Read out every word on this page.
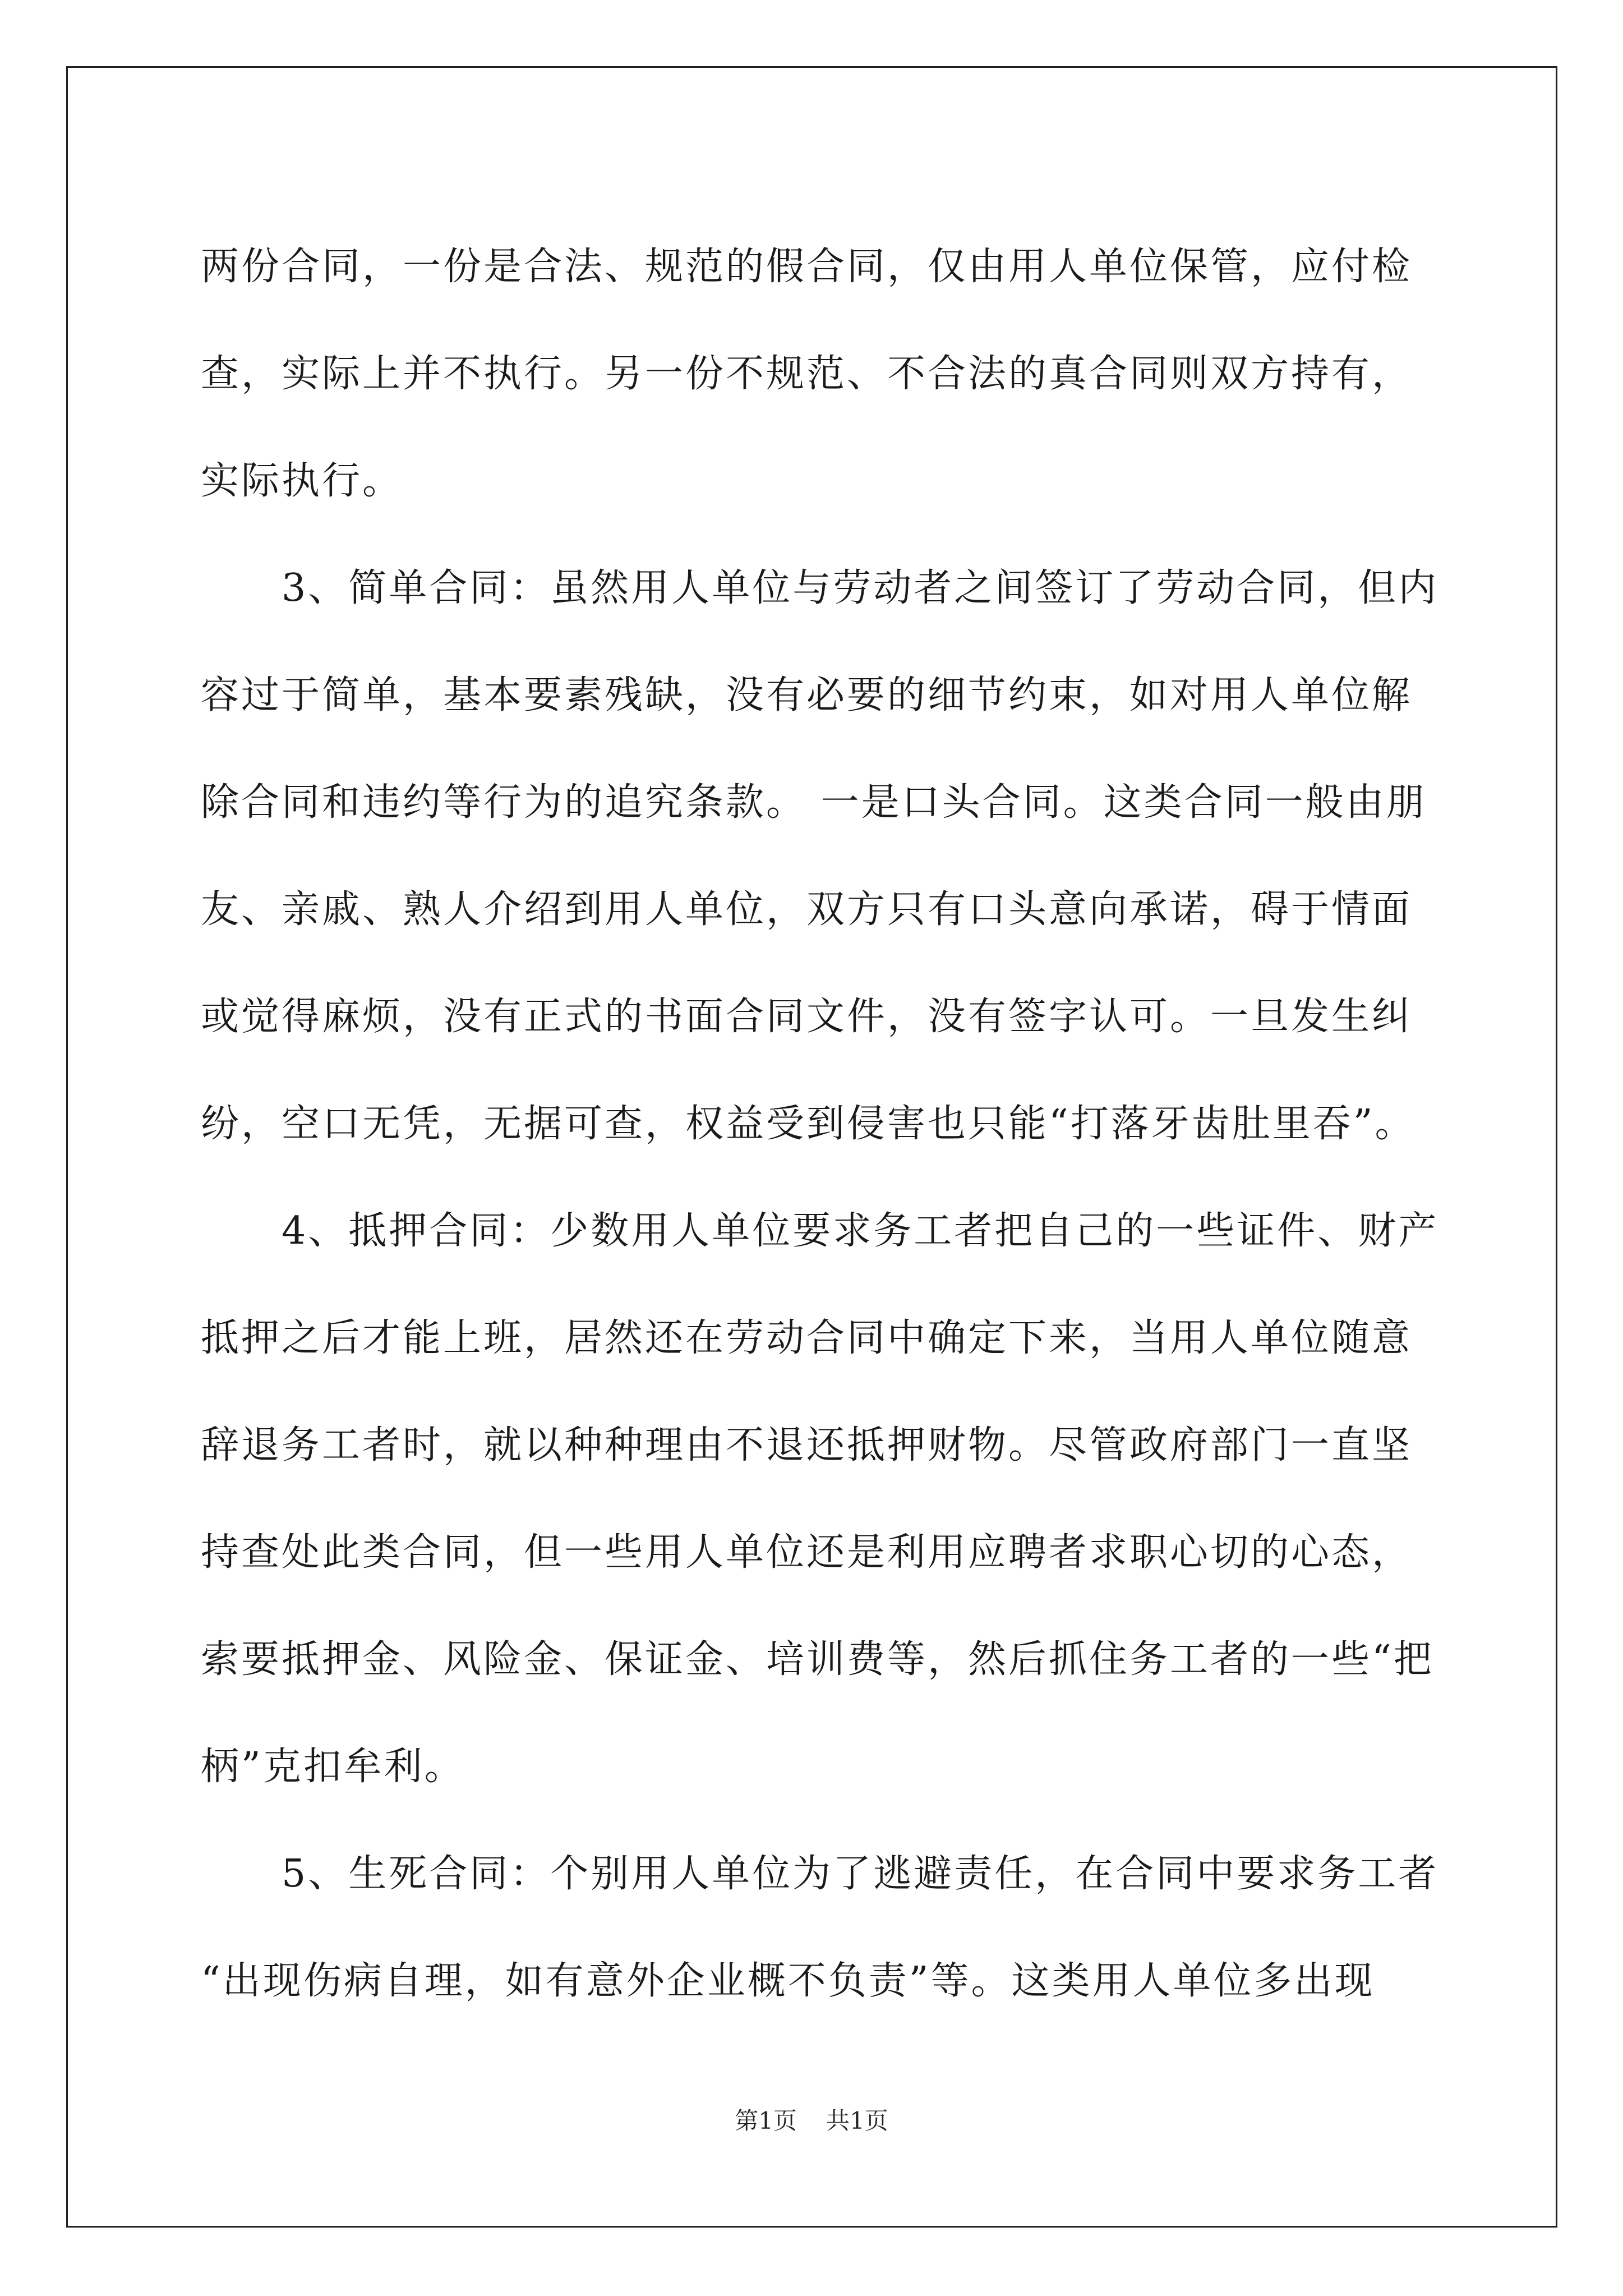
两份合同，一份是合法、规范的假合同，仅由用人单位保管，应付检
查，实际上并不执行。另一份不规范、不合法的真合同则双方持有，
实际执行。
　　3、简单合同：虽然用人单位与劳动者之间签订了劳动合同，但内
容过于简单，基本要素残缺，没有必要的细节约束，如对用人单位解
除合同和违约等行为的追究条款。 一是口头合同。这类合同一般由朋
友、亲戚、熟人介绍到用人单位，双方只有口头意向承诺，碍于情面
或觉得麻烦，没有正式的书面合同文件，没有签字认可。一旦发生纠
纷，空口无凭，无据可查，权益受到侵害也只能“打落牙齿肚里吞”。
　　4、抵押合同：少数用人单位要求务工者把自己的一些证件、财产
抵押之后才能上班，居然还在劳动合同中确定下来，当用人单位随意
辞退务工者时，就以种种理由不退还抵押财物。尽管政府部门一直坚
持查处此类合同，但一些用人单位还是利用应聘者求职心切的心态，
索要抵押金、风险金、保证金、培训费等，然后抓住务工者的一些“把
柄”克扣牟利。
　　5、生死合同：个别用人单位为了逃避责任，在合同中要求务工者
“出现伤病自理，如有意外企业概不负责”等。这类用人单位多出现
第1页 共1页
